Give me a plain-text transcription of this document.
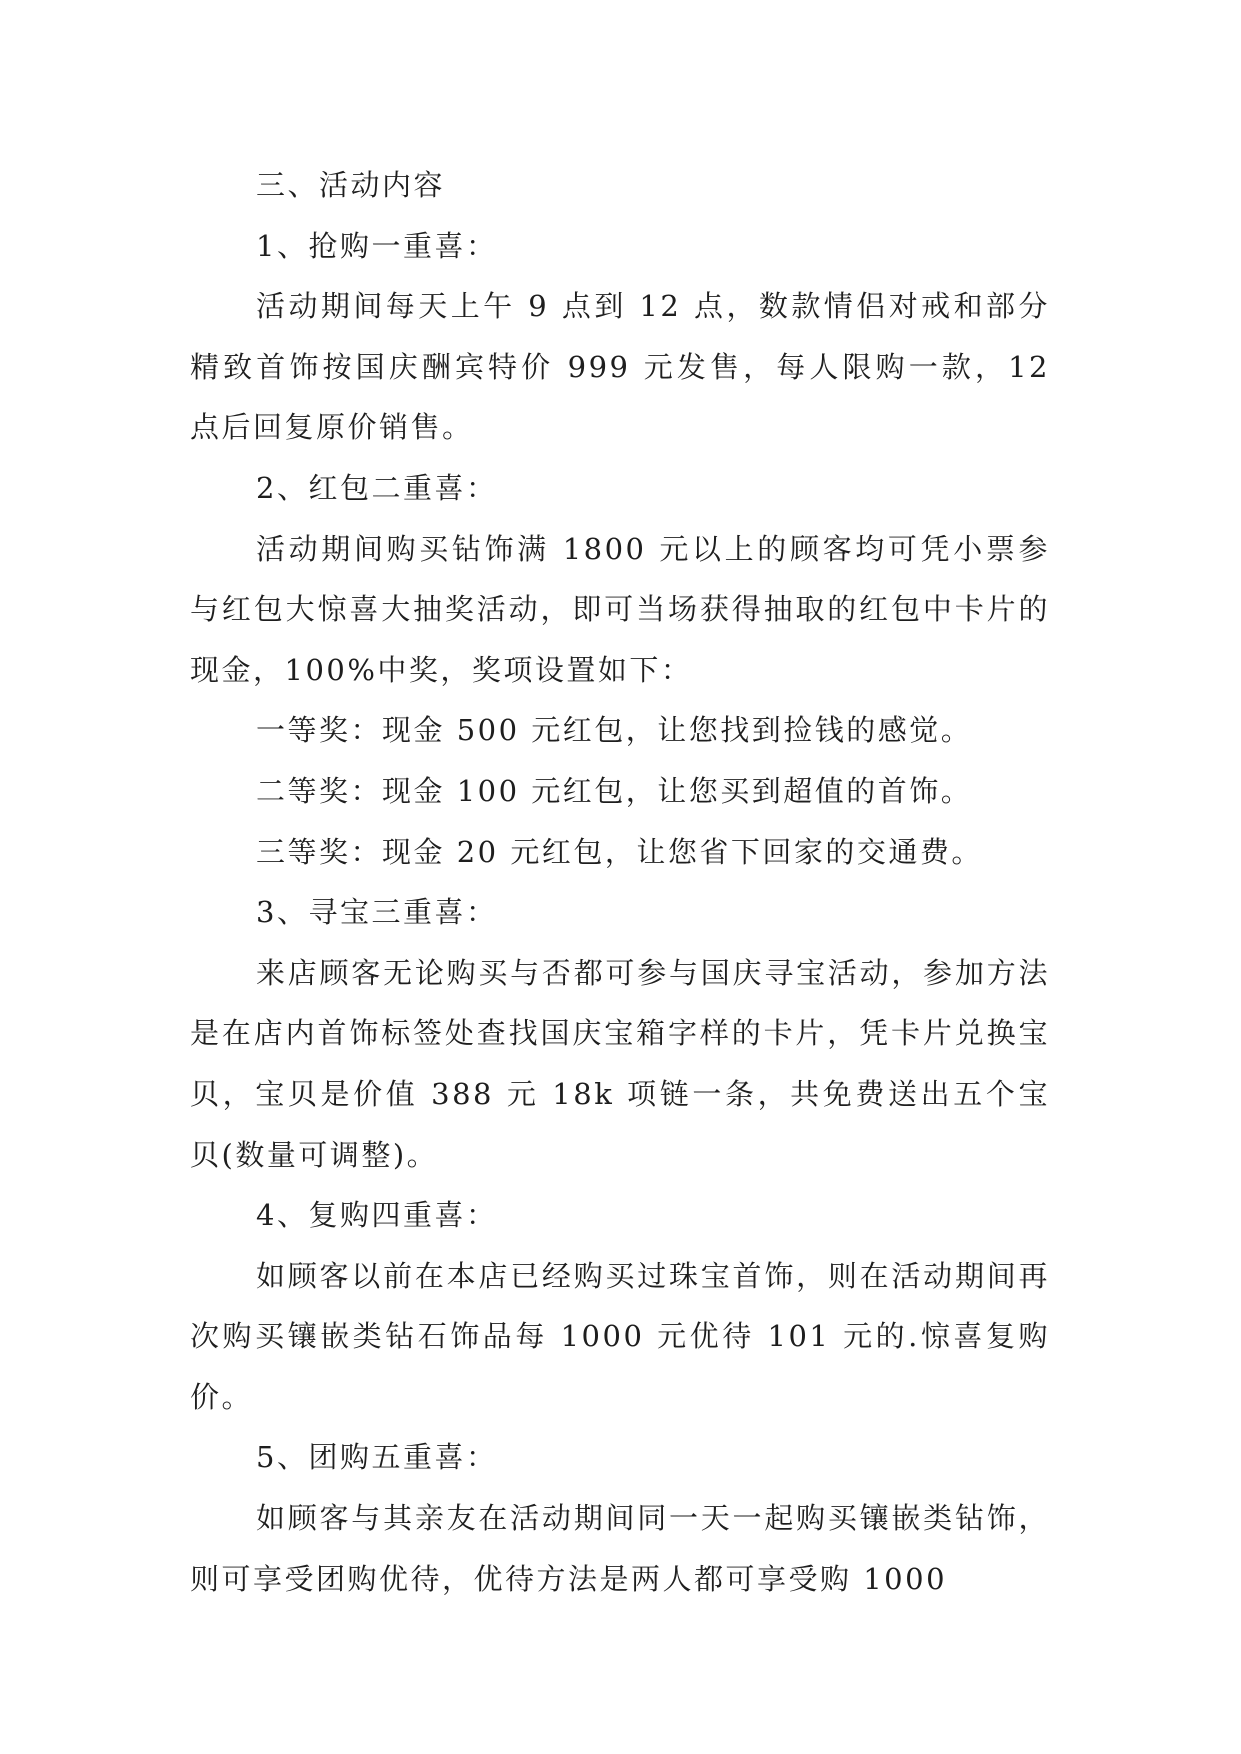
三、活动内容

1、抢购一重喜：

活动期间每天上午 9 点到 12 点，数款情侣对戒和部分精致首饰按国庆酬宾特价 999 元发售，每人限购一款，12 点后回复原价销售。

2、红包二重喜：

活动期间购买钻饰满 1800 元以上的顾客均可凭小票参与红包大惊喜大抽奖活动，即可当场获得抽取的红包中卡片的现金，100%中奖，奖项设置如下：

一等奖：现金 500 元红包，让您找到捡钱的感觉。

二等奖：现金 100 元红包，让您买到超值的首饰。

三等奖：现金 20 元红包，让您省下回家的交通费。

3、寻宝三重喜：

来店顾客无论购买与否都可参与国庆寻宝活动，参加方法是在店内首饰标签处查找国庆宝箱字样的卡片，凭卡片兑换宝贝，宝贝是价值 388 元 18k 项链一条，共免费送出五个宝贝(数量可调整)。

4、复购四重喜：

如顾客以前在本店已经购买过珠宝首饰，则在活动期间再次购买镶嵌类钻石饰品每 1000 元优待 101 元的.惊喜复购价。

5、团购五重喜：

如顾客与其亲友在活动期间同一天一起购买镶嵌类钻饰，则可享受团购优待，优待方法是两人都可享受购 1000
